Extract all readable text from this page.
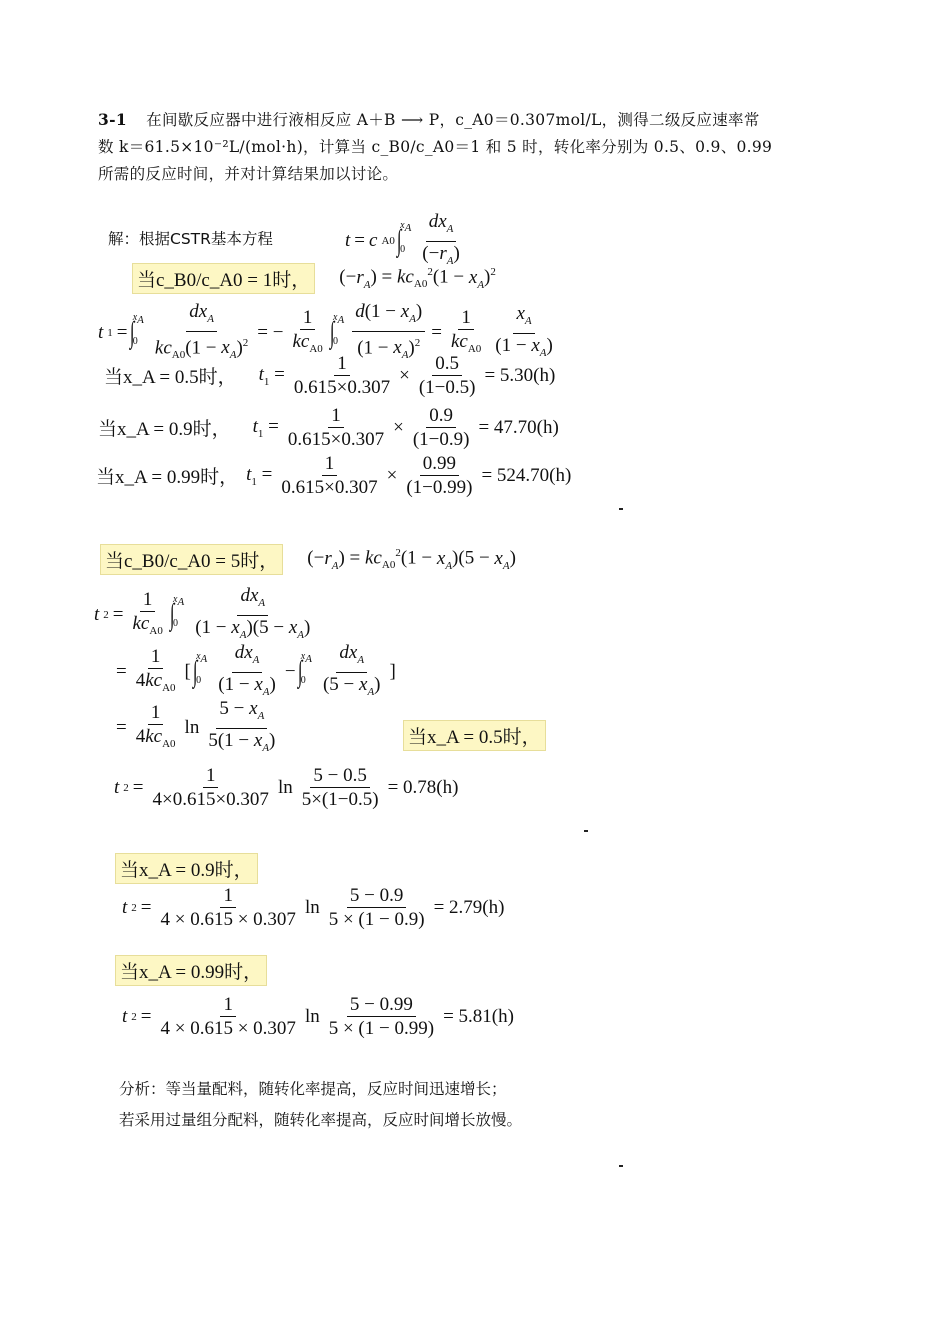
3-1 在间歇反应器中进行液相反应 A＋B ⟶ P，c_A0＝0.307mol/L，测得二级反应速率常
数 k＝61.5×10⁻²L/(mol·h)，计算当 c_B0/c_A0＝1 和 5 时，转化率分别为 0.5、0.9、0.99
所需的反应时间，并对计算结果加以讨论。
解：根据CSTR基本方程	t = c A0 ∫
$x_A$
$0 \frac{dx_A}{(-r_A)}$
当c_B0/c_A0 = 1时， $(-r_A) = kc_{A0}^2(1 - x_A)^2$
t 1 = ∫
$x_A$
$0 \frac{dx_A}{kc_{A0}(1 - x_A)^2}$ = − $\frac{1}{kc_{A0}}$ ∫
$x_A$
$0 \frac{d(1 - x_A)}{(1 - x_A)^2} = \frac{1}{kc_{A0}} \frac{x_A}{(1 - x_A)}$
当x_A = 0.5时， $t_1 = \frac{1}{0.615\times 0.307} \times \frac{0.5}{(1-0.5)} = 5.30(h)$
当x_A = 0.9时， $t_1 = \frac{1}{0.615\times 0.307} \times \frac{0.9}{(1-0.9)} = 47.70(h)$
当x_A = 0.99时， $t_1 = \frac{1}{0.615\times 0.307} \times \frac{0.99}{(1-0.99)} = 524.70(h)$
当c_B0/c_A0 = 5时， $(-r_A) = kc_{A0}^2(1 - x_A)(5 - x_A)$
t $2 = \frac{1}{kc_{A0}}$ ∫
$x_A$
$0 \frac{dx_A}{(1 - x_A)(5 - x_A)}$
= $\frac{1}{4kc_{A0}}$ [ ∫
$x_A$
$0 \frac{dx_A}{(1 - x_A)}$ − ∫
$x_A$
$0 \frac{dx_A}{(5 - x_A)}$ ]
= $\frac{1}{4kc_{A0}}$ $\ln \frac{5 - x_A}{5(1 - x_A)}$	当x_A = 0.5时，
t $2 = \frac{1}{4\times 0.615\times 0.307}$ $\ln \frac{5 - 0.5}{5\times(1-0.5)} = 0.78(h)$
当x_A = 0.9时，
t $2 = \frac{1}{4 \times 0.615 \times 0.307}$ $\ln \frac{5 - 0.9}{5 \times (1 - 0.9)} = 2.79(h)$
当x_A = 0.99时，
t $2 = \frac{1}{4 \times 0.615 \times 0.307}$ $\ln \frac{5 - 0.99}{5 \times (1 - 0.99)} = 5.81(h)$
分析：等当量配料，随转化率提高，反应时间迅速增长；
若采用过量组分配料，随转化率提高，反应时间增长放慢。
